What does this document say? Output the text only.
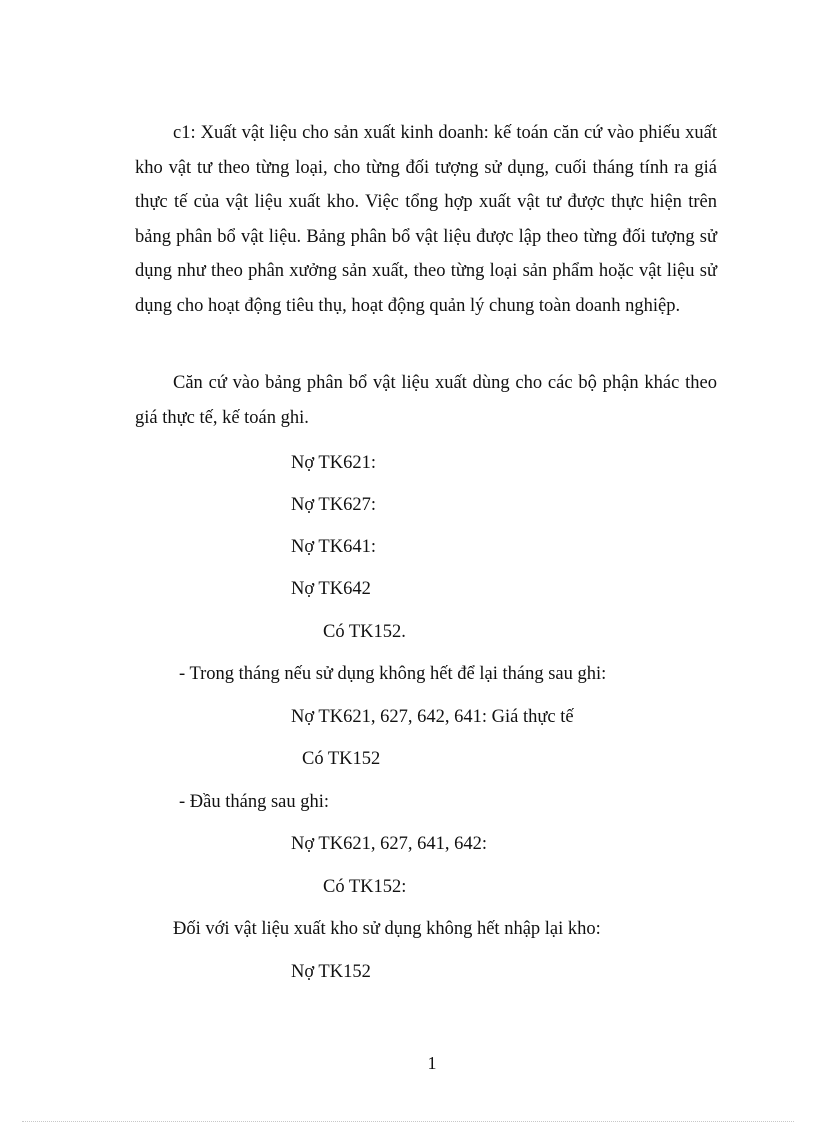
c1: Xuất vật liệu cho sản xuất kinh doanh: kế toán căn cứ vào phiếu xuất kho vật tư theo từng loại, cho từng đối tượng sử dụng, cuối tháng tính ra giá thực tế của vật liệu xuất kho. Việc tổng hợp xuất vật tư được thực hiện trên bảng phân bổ vật liệu. Bảng phân bổ vật liệu được lập theo từng đối tượng sử dụng như theo phân xưởng sản xuất, theo từng loại sản phẩm hoặc vật liệu sử dụng cho hoạt động tiêu thụ, hoạt động quản lý chung toàn doanh nghiệp.

Căn cứ vào bảng phân bổ vật liệu xuất dùng cho các bộ phận khác theo giá thực tế, kế toán ghi.

Nợ TK621:
Nợ TK627:
Nợ TK641:
Nợ TK642
Có TK152.
- Trong tháng nếu sử dụng không hết để lại tháng sau ghi:
Nợ TK621, 627, 642, 641: Giá thực tế
Có TK152
- Đầu tháng sau ghi:
Nợ TK621, 627, 641, 642:
Có TK152:
Đối với vật liệu xuất kho sử dụng không hết nhập lại kho:
Nợ TK152
1
